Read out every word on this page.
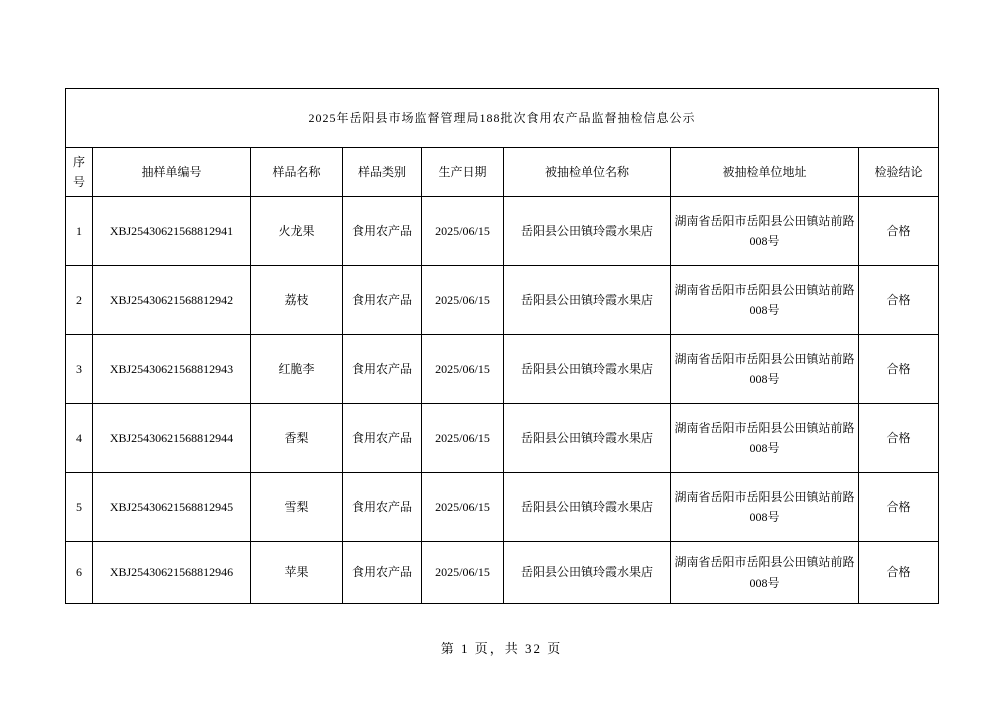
2025年岳阳县市场监督管理局188批次食用农产品监督抽检信息公示							
序号	抽样单编号	样品名称	样品类别	生产日期	被抽检单位名称	被抽检单位地址	检验结论
1	XBJ25430621568812941	火龙果	食用农产品	2025/06/15	岳阳县公田镇玲霞水果店	湖南省岳阳市岳阳县公田镇站前路008号	合格
2	XBJ25430621568812942	荔枝	食用农产品	2025/06/15	岳阳县公田镇玲霞水果店	湖南省岳阳市岳阳县公田镇站前路008号	合格
3	XBJ25430621568812943	红脆李	食用农产品	2025/06/15	岳阳县公田镇玲霞水果店	湖南省岳阳市岳阳县公田镇站前路008号	合格
4	XBJ25430621568812944	香梨	食用农产品	2025/06/15	岳阳县公田镇玲霞水果店	湖南省岳阳市岳阳县公田镇站前路008号	合格
5	XBJ25430621568812945	雪梨	食用农产品	2025/06/15	岳阳县公田镇玲霞水果店	湖南省岳阳市岳阳县公田镇站前路008号	合格
6	XBJ25430621568812946	苹果	食用农产品	2025/06/15	岳阳县公田镇玲霞水果店	湖南省岳阳市岳阳县公田镇站前路008号	合格
第 1 页，共 32 页
